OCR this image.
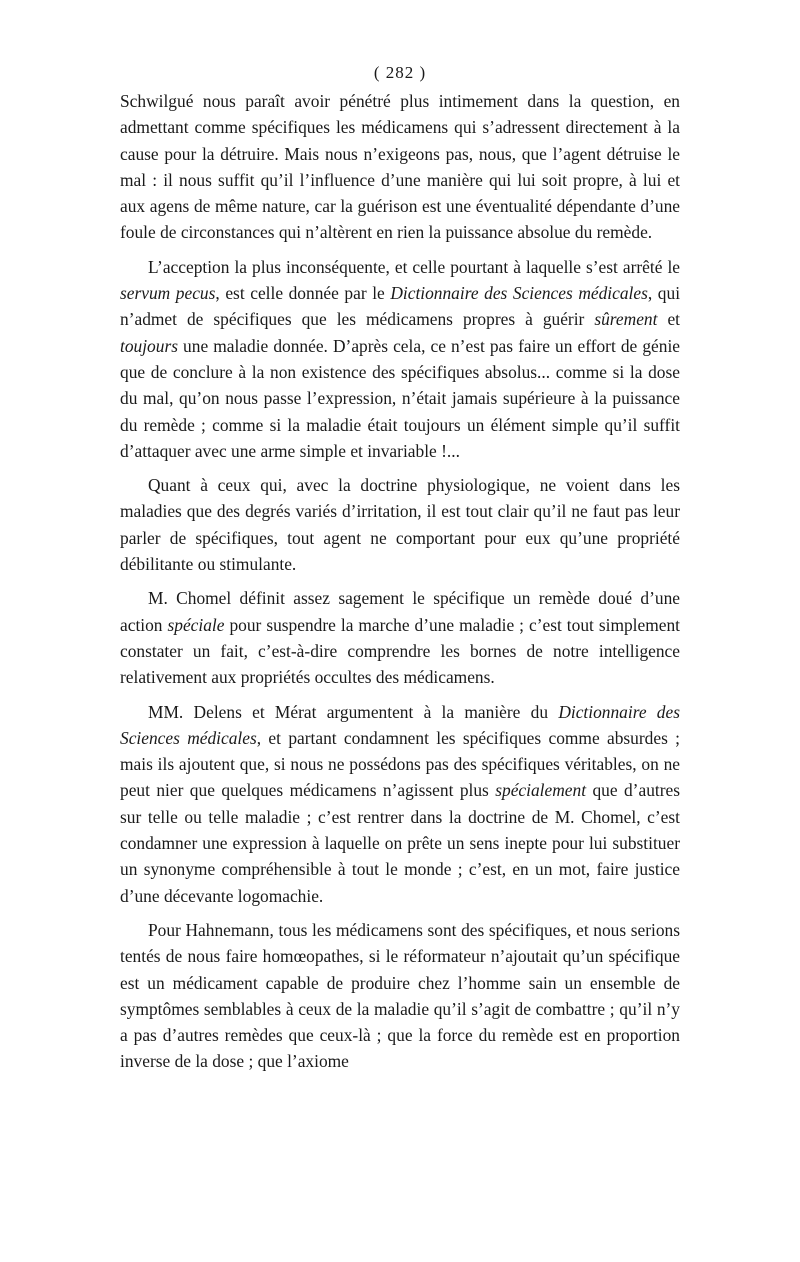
( 282 )

Schwilgué nous paraît avoir pénétré plus intimement dans la question, en admettant comme spécifiques les médicamens qui s’adressent directement à la cause pour la détruire. Mais nous n’exigeons pas, nous, que l’agent détruise le mal : il nous suffit qu’il l’influence d’une manière qui lui soit propre, à lui et aux agens de même nature, car la guérison est une éventualité dépendante d’une foule de circonstances qui n’altèrent en rien la puissance absolue du remède.

L’acception la plus inconséquente, et celle pourtant à laquelle s’est arrêté le servum pecus, est celle donnée par le Dictionnaire des Sciences médicales, qui n’admet de spécifiques que les médicamens propres à guérir sûrement et toujours une maladie donnée. D’après cela, ce n’est pas faire un effort de génie que de conclure à la non existence des spécifiques absolus... comme si la dose du mal, qu’on nous passe l’expression, n’était jamais supérieure à la puissance du remède ; comme si la maladie était toujours un élément simple qu’il suffit d’attaquer avec une arme simple et invariable !...

Quant à ceux qui, avec la doctrine physiologique, ne voient dans les maladies que des degrés variés d’irritation, il est tout clair qu’il ne faut pas leur parler de spécifiques, tout agent ne comportant pour eux qu’une propriété débilitante ou stimulante.

M. Chomel définit assez sagement le spécifique un remède doué d’une action spéciale pour suspendre la marche d’une maladie ; c’est tout simplement constater un fait, c’est-à-dire comprendre les bornes de notre intelligence relativement aux propriétés occultes des médicamens.

MM. Delens et Mérat argumentent à la manière du Dictionnaire des Sciences médicales, et partant condamnent les spécifiques comme absurdes ; mais ils ajoutent que, si nous ne possédons pas des spécifiques véritables, on ne peut nier que quelques médicamens n’agissent plus spécialement que d’autres sur telle ou telle maladie ; c’est rentrer dans la doctrine de M. Chomel, c’est condamner une expression à laquelle on prête un sens inepte pour lui substituer un synonyme compréhensible à tout le monde ; c’est, en un mot, faire justice d’une décevante logomachie.

Pour Hahnemann, tous les médicamens sont des spécifiques, et nous serions tentés de nous faire homœopathes, si le réformateur n’ajoutait qu’un spécifique est un médicament capable de produire chez l’homme sain un ensemble de symptômes semblables à ceux de la maladie qu’il s’agit de combattre ; qu’il n’y a pas d’autres remèdes que ceux-là ; que la force du remède est en proportion inverse de la dose ; que l’axiome
